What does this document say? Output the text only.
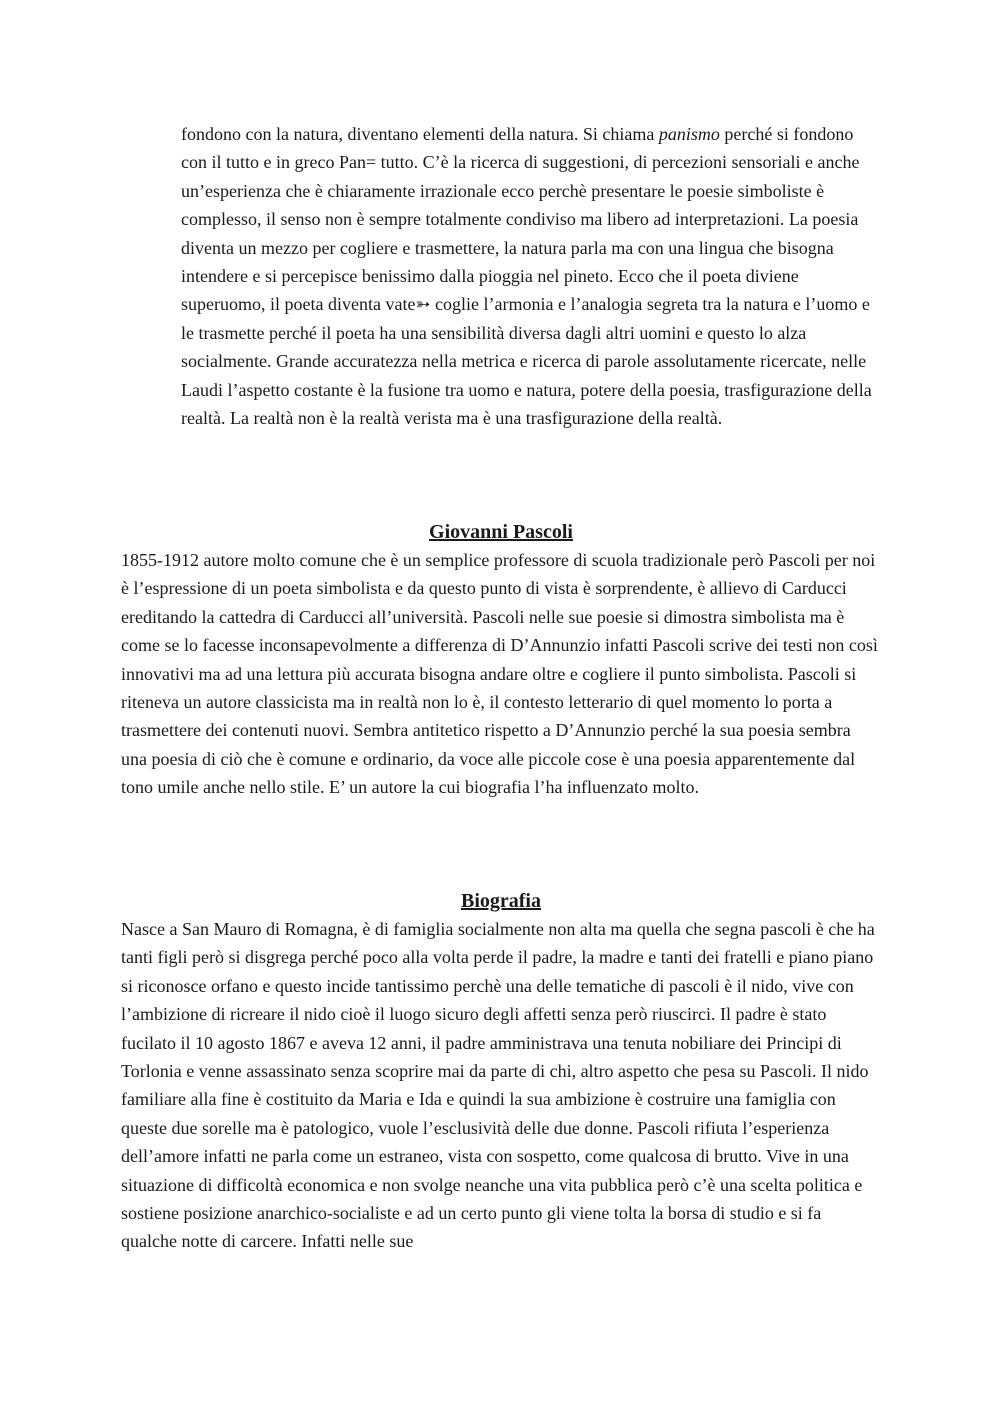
fondono con la natura, diventano elementi della natura. Si chiama panismo perché si fondono con il tutto e in greco Pan= tutto. C’è la ricerca di suggestioni, di percezioni sensoriali e anche un’esperienza che è chiaramente irrazionale ecco perchè presentare le poesie simboliste è complesso, il senso non è sempre totalmente condiviso ma libero ad interpretazioni. La poesia diventa un mezzo per cogliere e trasmettere, la natura parla ma con una lingua che bisogna intendere e si percepisce benissimo dalla pioggia nel pineto. Ecco che il poeta diviene superuomo, il poeta diventa vate➳ coglie l’armonia e l’analogia segreta tra la natura e l’uomo e le trasmette perché il poeta ha una sensibilità diversa dagli altri uomini e questo lo alza socialmente. Grande accuratezza nella metrica e ricerca di parole assolutamente ricercate, nelle Laudi l’aspetto costante è la fusione tra uomo e natura, potere della poesia, trasfigurazione della realtà. La realtà non è la realtà verista ma è una trasfigurazione della realtà.

Giovanni Pascoli

1855-1912 autore molto comune che è un semplice professore di scuola tradizionale però Pascoli per noi è l’espressione di un poeta simbolista e da questo punto di vista è sorprendente, è allievo di Carducci ereditando la cattedra di Carducci all’università. Pascoli nelle sue poesie si dimostra simbolista ma è come se lo facesse inconsapevolmente a differenza di D’Annunzio infatti Pascoli scrive dei testi non così innovativi ma ad una lettura più accurata bisogna andare oltre e cogliere il punto simbolista. Pascoli si riteneva un autore classicista ma in realtà non lo è, il contesto letterario di quel momento lo porta a trasmettere dei contenuti nuovi. Sembra antitetico rispetto a D’Annunzio perché la sua poesia sembra una poesia di ciò che è comune e ordinario, da voce alle piccole cose è una poesia apparentemente dal tono umile anche nello stile. E’ un autore la cui biografia l’ha influenzato molto.

Biografia

Nasce a San Mauro di Romagna, è di famiglia socialmente non alta ma quella che segna pascoli è che ha tanti figli però si disgrega perché poco alla volta perde il padre, la madre e tanti dei fratelli e piano piano si riconosce orfano e questo incide tantissimo perchè una delle tematiche di pascoli è il nido, vive con l’ambizione di ricreare il nido cioè il luogo sicuro degli affetti senza però riuscirci. Il padre è stato fucilato il 10 agosto 1867 e aveva 12 anni, il padre amministrava una tenuta nobiliare dei Principi di Torlonia e venne assassinato senza scoprire mai da parte di chi, altro aspetto che pesa su Pascoli. Il nido familiare alla fine è costituito da Maria e Ida e quindi la sua ambizione è costruire una famiglia con queste due sorelle ma è patologico, vuole l’esclusività delle due donne. Pascoli rifiuta l’esperienza dell’amore infatti ne parla come un estraneo, vista con sospetto, come qualcosa di brutto. Vive in una situazione di difficoltà economica e non svolge neanche una vita pubblica però c’è una scelta politica e sostiene posizione anarchico-socialiste e ad un certo punto gli viene tolta la borsa di studio e si fa qualche notte di carcere. Infatti nelle sue
